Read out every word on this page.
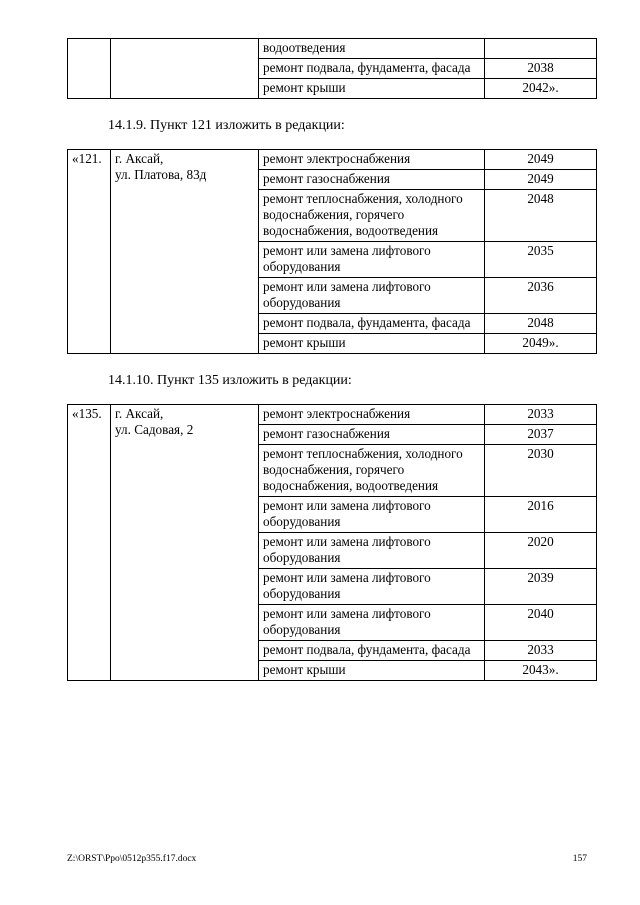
		водоотведения	
		ремонт подвала, фундамента, фасада	2038
		ремонт крыши	2042».
14.1.9. Пункт 121 изложить в редакции:
«121.	г. Аксай,
ул. Платова, 83д	ремонт электроснабжения	2049
		ремонт газоснабжения	2049
		ремонт теплоснабжения, холодного водоснабжения, горячего водоснабжения, водоотведения	2048
		ремонт или замена лифтового оборудования	2035
		ремонт или замена лифтового оборудования	2036
		ремонт подвала, фундамента, фасада	2048
		ремонт крыши	2049».
14.1.10. Пункт 135 изложить в редакции:
«135.	г. Аксай,
ул. Садовая, 2	ремонт электроснабжения	2033
		ремонт газоснабжения	2037
		ремонт теплоснабжения, холодного водоснабжения, горячего водоснабжения, водоотведения	2030
		ремонт или замена лифтового оборудования	2016
		ремонт или замена лифтового оборудования	2020
		ремонт или замена лифтового оборудования	2039
		ремонт или замена лифтового оборудования	2040
		ремонт подвала, фундамента, фасада	2033
		ремонт крыши	2043».
Z:\ORST\Ppo\0512p355.f17.docx	157
